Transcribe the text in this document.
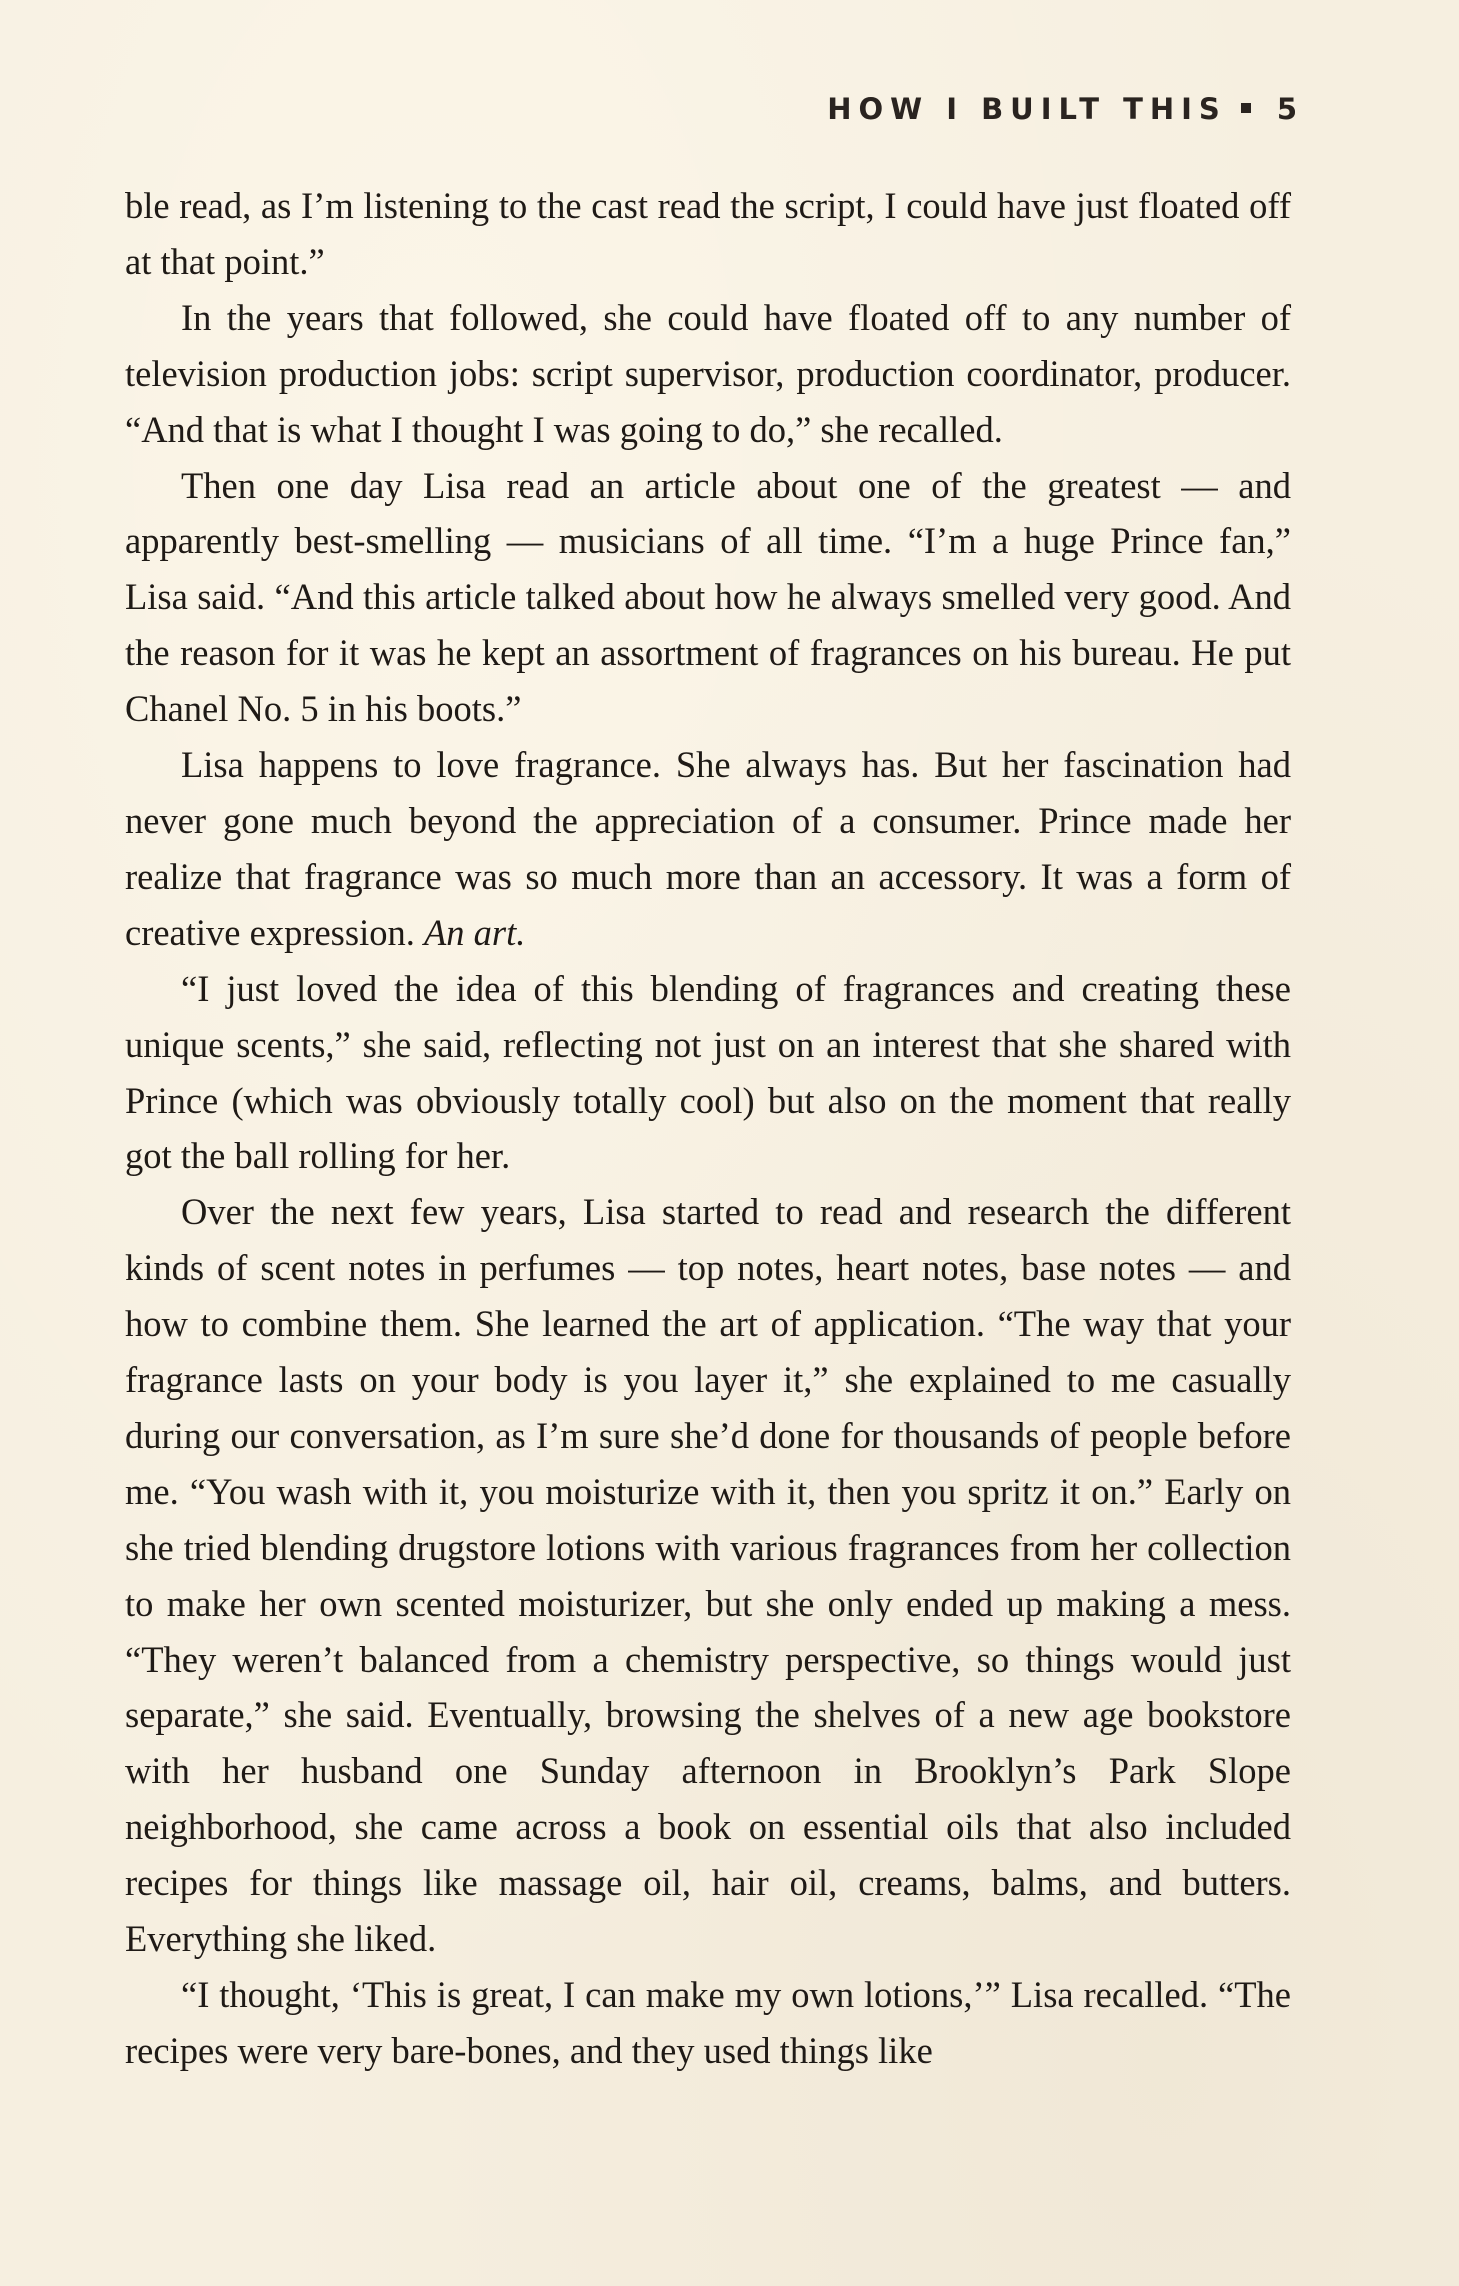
HOW I BUILT THIS 5

ble read, as I’m listening to the cast read the script, I could have just floated off at that point.”

In the years that followed, she could have floated off to any number of television production jobs: script supervisor, production coordinator, producer. “And that is what I thought I was going to do,” she recalled.

Then one day Lisa read an article about one of the greatest — and apparently best-smelling — musicians of all time. “I’m a huge Prince fan,” Lisa said. “And this article talked about how he always smelled very good. And the reason for it was he kept an assortment of fragrances on his bureau. He put Chanel No. 5 in his boots.”

Lisa happens to love fragrance. She always has. But her fascination had never gone much beyond the appreciation of a consumer. Prince made her realize that fragrance was so much more than an accessory. It was a form of creative expression. An art.

“I just loved the idea of this blending of fragrances and creating these unique scents,” she said, reflecting not just on an interest that she shared with Prince (which was obviously totally cool) but also on the moment that really got the ball rolling for her.

Over the next few years, Lisa started to read and research the different kinds of scent notes in perfumes — top notes, heart notes, base notes — and how to combine them. She learned the art of application. “The way that your fragrance lasts on your body is you layer it,” she explained to me casually during our conversation, as I’m sure she’d done for thousands of people before me. “You wash with it, you moisturize with it, then you spritz it on.” Early on she tried blending drugstore lotions with various fragrances from her collection to make her own scented moisturizer, but she only ended up making a mess. “They weren’t balanced from a chemistry perspective, so things would just separate,” she said. Eventually, browsing the shelves of a new age bookstore with her husband one Sunday afternoon in Brooklyn’s Park Slope neighborhood, she came across a book on essential oils that also included recipes for things like massage oil, hair oil, creams, balms, and butters. Everything she liked.

“I thought, ‘This is great, I can make my own lotions,’” Lisa recalled. “The recipes were very bare-bones, and they used things like
